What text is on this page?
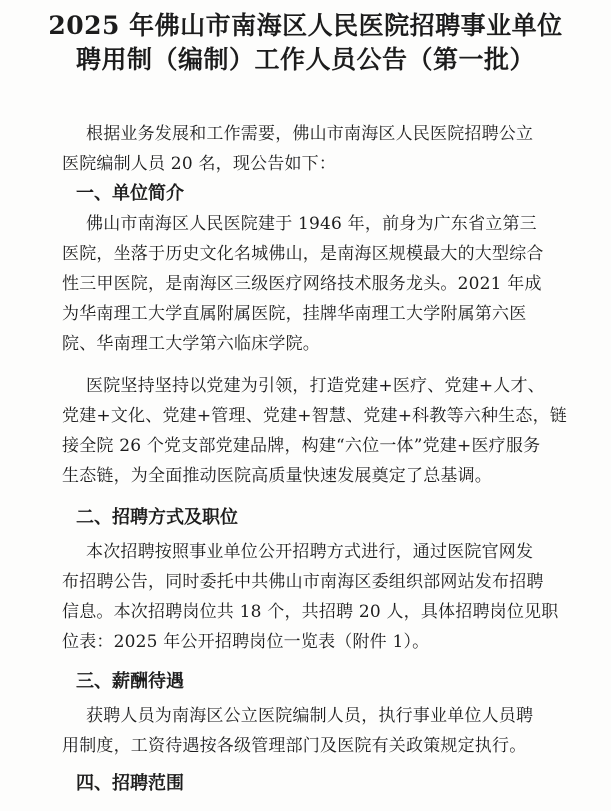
2025 年佛山市南海区人民医院招聘事业单位
聘用制（编制）工作人员公告（第一批）
根据业务发展和工作需要，佛山市南海区人民医院招聘公立
医院编制人员 20 名，现公告如下：
一、单位简介
佛山市南海区人民医院建于 1946 年，前身为广东省立第三
医院，坐落于历史文化名城佛山，是南海区规模最大的大型综合
性三甲医院，是南海区三级医疗网络技术服务龙头。2021 年成
为华南理工大学直属附属医院，挂牌华南理工大学附属第六医
院、华南理工大学第六临床学院。
医院坚持坚持以党建为引领，打造党建+医疗、党建+人才、
党建+文化、党建+管理、党建+智慧、党建+科教等六种生态，链
接全院 26 个党支部党建品牌，构建“六位一体”党建+医疗服务
生态链，为全面推动医院高质量快速发展奠定了总基调。
二、招聘方式及职位
本次招聘按照事业单位公开招聘方式进行，通过医院官网发
布招聘公告，同时委托中共佛山市南海区委组织部网站发布招聘
信息。本次招聘岗位共 18 个，共招聘 20 人，具体招聘岗位见职
位表：2025 年公开招聘岗位一览表（附件 1）。
三、薪酬待遇
获聘人员为南海区公立医院编制人员，执行事业单位人员聘
用制度，工资待遇按各级管理部门及医院有关政策规定执行。
四、招聘范围
